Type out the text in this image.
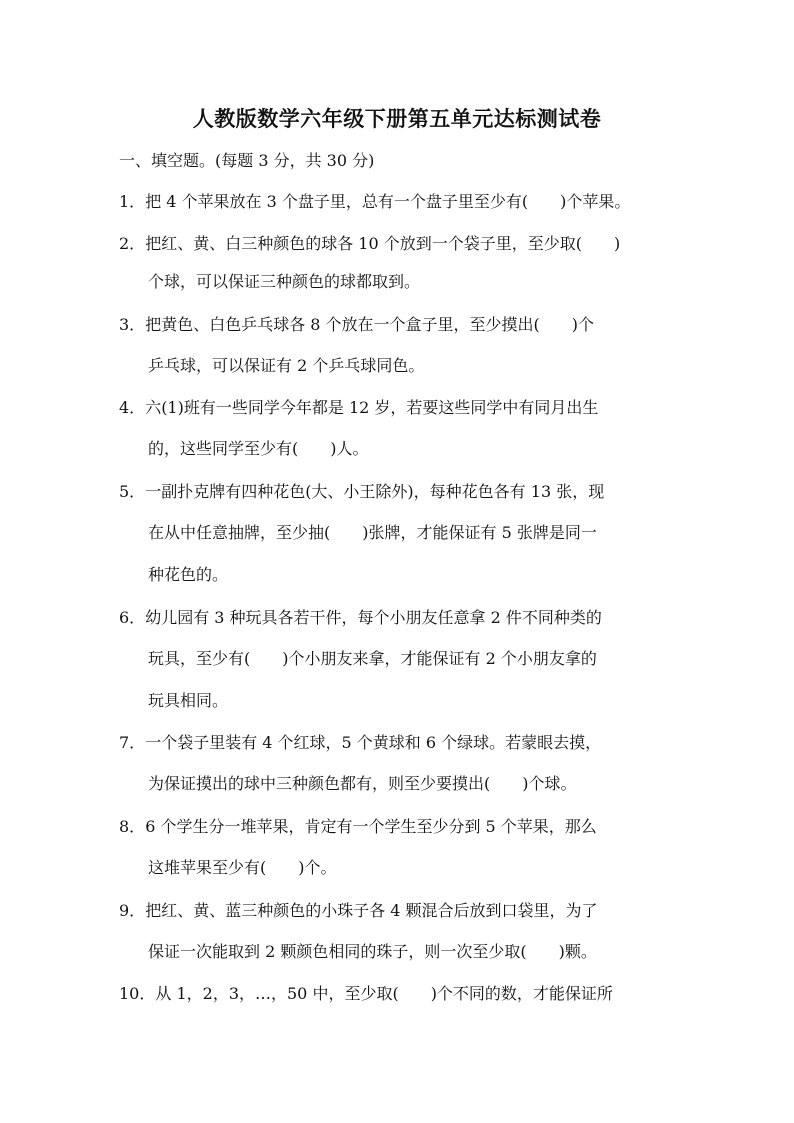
人教版数学六年级下册第五单元达标测试卷
一、填空题。(每题 3 分，共 30 分)
1．把 4 个苹果放在 3 个盘子里，总有一个盘子里至少有(　　)个苹果。
2．把红、黄、白三种颜色的球各 10 个放到一个袋子里，至少取(　　)
个球，可以保证三种颜色的球都取到。
3．把黄色、白色乒乓球各 8 个放在一个盒子里，至少摸出(　　)个
乒乓球，可以保证有 2 个乒乓球同色。
4．六(1)班有一些同学今年都是 12 岁，若要这些同学中有同月出生
的，这些同学至少有(　　)人。
5．一副扑克牌有四种花色(大、小王除外)，每种花色各有 13 张，现
在从中任意抽牌，至少抽(　　)张牌，才能保证有 5 张牌是同一
种花色的。
6．幼儿园有 3 种玩具各若干件，每个小朋友任意拿 2 件不同种类的
玩具，至少有(　　)个小朋友来拿，才能保证有 2 个小朋友拿的
玩具相同。
7．一个袋子里装有 4 个红球，5 个黄球和 6 个绿球。若蒙眼去摸，
为保证摸出的球中三种颜色都有，则至少要摸出(　　)个球。
8．6 个学生分一堆苹果，肯定有一个学生至少分到 5 个苹果，那么
这堆苹果至少有(　　)个。
9．把红、黄、蓝三种颜色的小珠子各 4 颗混合后放到口袋里，为了
保证一次能取到 2 颗颜色相同的珠子，则一次至少取(　　)颗。
10．从 1，2，3，…，50 中，至少取(　　)个不同的数，才能保证所
